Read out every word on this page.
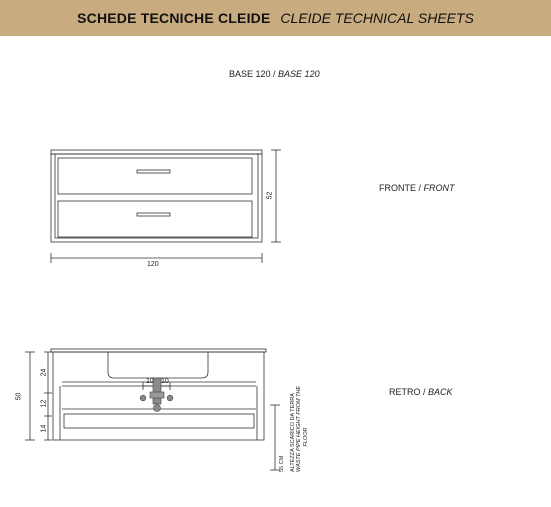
SCHEDE TECNICHE CLEIDE CLEIDE TECHNICAL SHEETS
BASE 120 / BASE 120
120
52
FRONTE / FRONT
RETRO / BACK
50
24
12
14
10 10
55 CM ALTEZZA SCARICO DA TERRA WASTE PIPE HEIGHT FROM THE FLOOR
